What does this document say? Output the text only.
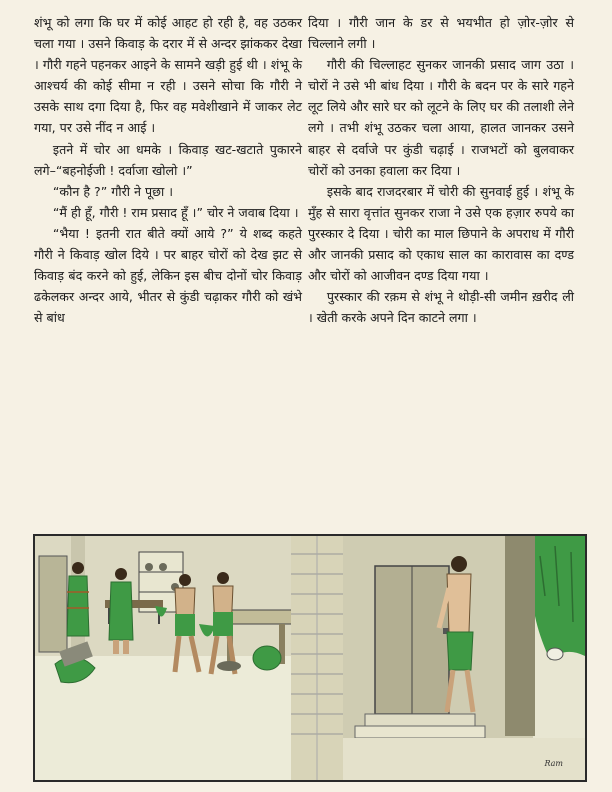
शंभू को लगा कि घर में कोई आहट हो रही है, वह उठकर चला गया । उसने किवाड़ के दरार में से अन्दर झांककर देखा । गौरी गहने पहनकर आइने के सामने खड़ी हुई थी । शंभू के आश्चर्य की कोई सीमा न रही । उसने सोचा कि गौरी ने उसके साथ दगा दिया है, फिर वह मवेशीखाने में जाकर लेट गया, पर उसे नींद न आई ।

इतने में चोर आ धमके । किवाड़ खट-खटाते पुकारने लगे–“बहनोईजी ! दर्वाजा खोलो ।”

“कौन है ?” गौरी ने पूछा ।

“मैं ही हूँ, गौरी ! राम प्रसाद हूँ ।” चोर ने जवाब दिया ।

“भैया ! इतनी रात बीते क्यों आये ?” ये शब्द कहते गौरी ने किवाड़ खोल दिये । पर बाहर चोरों को देख झट से किवाड़ बंद करने को हुई, लेकिन इस बीच दोनों चोर किवाड़ ढकेलकर अन्दर आये, भीतर से कुंडी चढ़ाकर गौरी को खंभे से बांध

दिया । गौरी जान के डर से भयभीत हो ज़ोर-ज़ोर से चिल्लाने लगी ।

गौरी की चिल्लाहट सुनकर जानकी प्रसाद जाग उठा । चोरों ने उसे भी बांध दिया । गौरी के बदन पर के सारे गहने लूट लिये और सारे घर को लूटने के लिए घर की तलाशी लेने लगे । तभी शंभू उठकर चला आया, हालत जानकर उसने बाहर से दर्वाजे पर कुंडी चढ़ाई । राजभटों को बुलवाकर चोरों को उनका हवाला कर दिया ।

इसके बाद राजदरबार में चोरी की सुनवाई हुई । शंभू के मुँह से सारा वृत्तांत सुनकर राजा ने उसे एक हज़ार रुपये का पुरस्कार दे दिया । चोरी का माल छिपाने के अपराध में गौरी और जानकी प्रसाद को एकाध साल का कारावास का दण्ड और चोरों को आजीवन दण्ड दिया गया ।

पुरस्कार की रक़म से शंभू ने थोड़ी-सी जमीन ख़रीद ली । खेती करके अपने दिन काटने लगा ।

Ram
